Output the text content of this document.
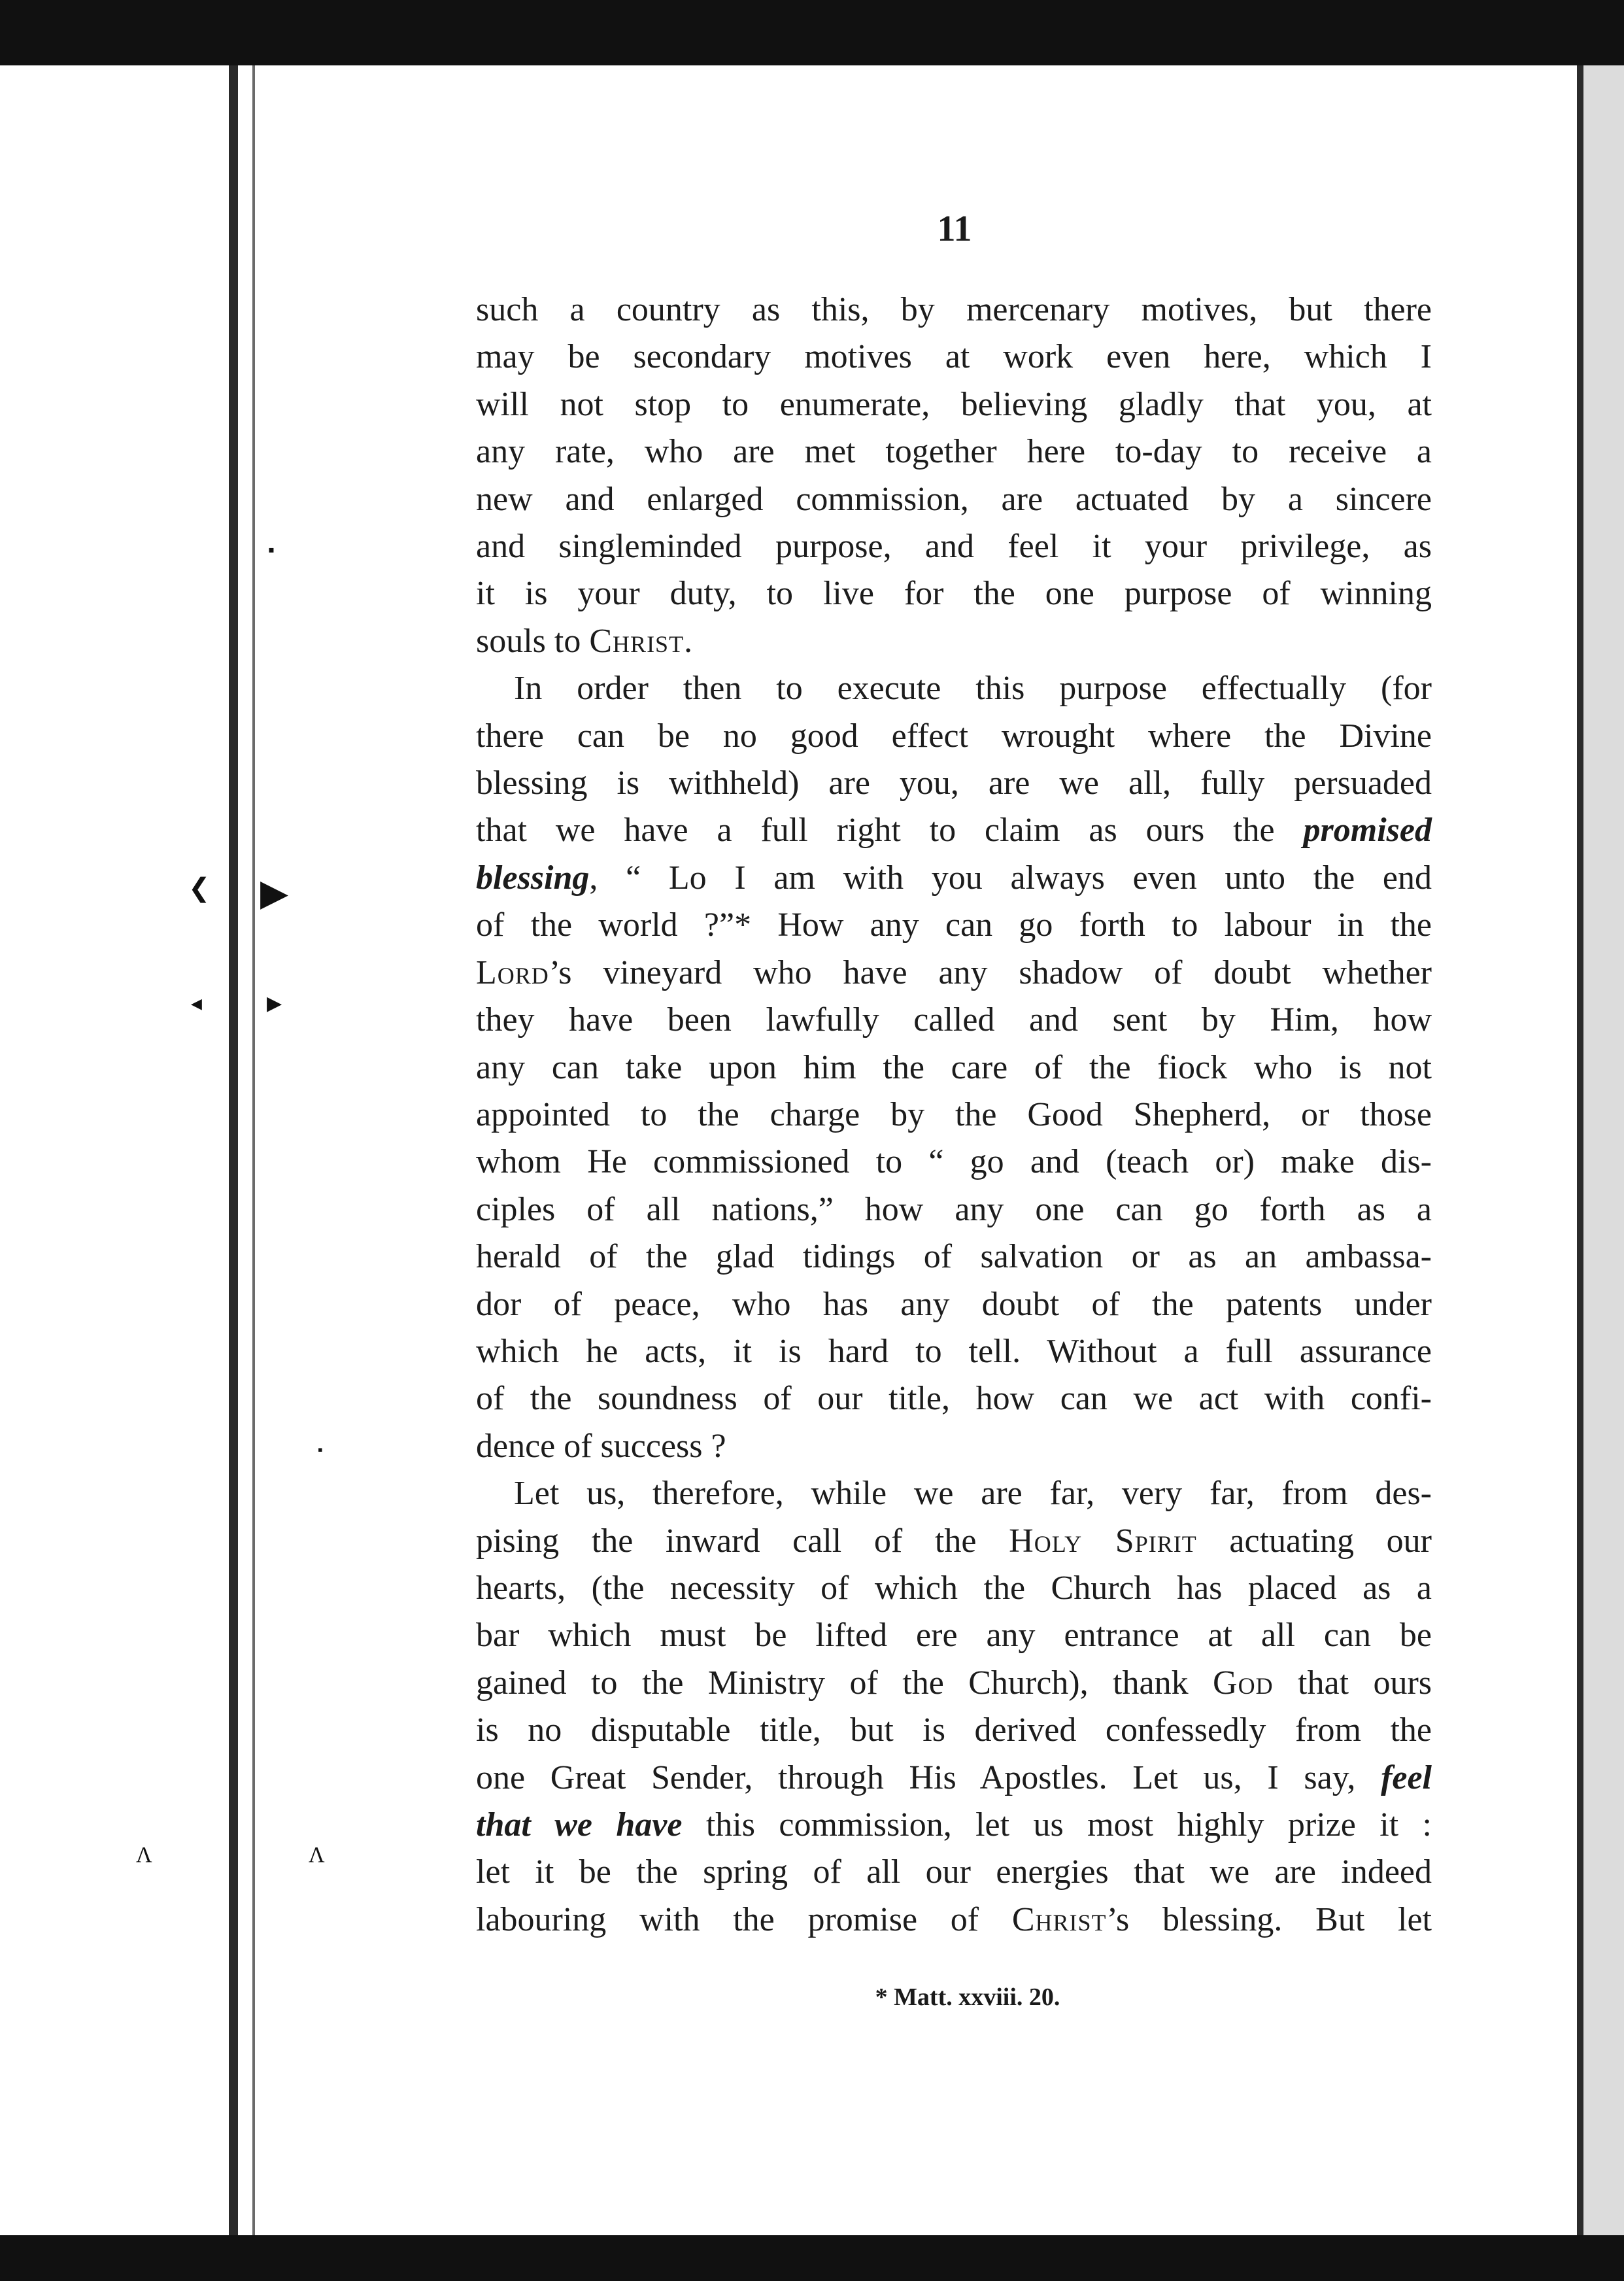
▪
❮ ▶
◀	▶
▪
Λ	Λ
11

such a country as this, by mercenary motives, but there
may be secondary motives at work even here, which I
will not stop to enumerate, believing gladly that you, at
any rate, who are met together here to-day to receive a
new and enlarged commission, are actuated by a sincere
and singleminded purpose, and feel it your privilege, as
it is your duty, to live for the one purpose of winning
souls to Christ.

In order then to execute this purpose effectually (for
there can be no good effect wrought where the Divine
blessing is withheld) are you, are we all, fully persuaded
that we have a full right to claim as ours the promised
blessing, “ Lo I am with you always even unto the end
of the world ?”* How any can go forth to labour in the
Lord’s vineyard who have any shadow of doubt whether
they have been lawfully called and sent by Him, how
any can take upon him the care of the fiock who is not
appointed to the charge by the Good Shepherd, or those
whom He commissioned to “ go and (teach or) make dis-
ciples of all nations,” how any one can go forth as a
herald of the glad tidings of salvation or as an ambassa-
dor of peace, who has any doubt of the patents under
which he acts, it is hard to tell. Without a full assurance
of the soundness of our title, how can we act with confi-
dence of success ?

Let us, therefore, while we are far, very far, from des-
pising the inward call of the Holy Spirit actuating our
hearts, (the necessity of which the Church has placed as a
bar which must be lifted ere any entrance at all can be
gained to the Ministry of the Church), thank God that ours
is no disputable title, but is derived confessedly from the
one Great Sender, through His Apostles. Let us, I say, feel
that we have this commission, let us most highly prize it :
let it be the spring of all our energies that we are indeed
labouring with the promise of Christ’s blessing. But let

* Matt. xxviii. 20.
